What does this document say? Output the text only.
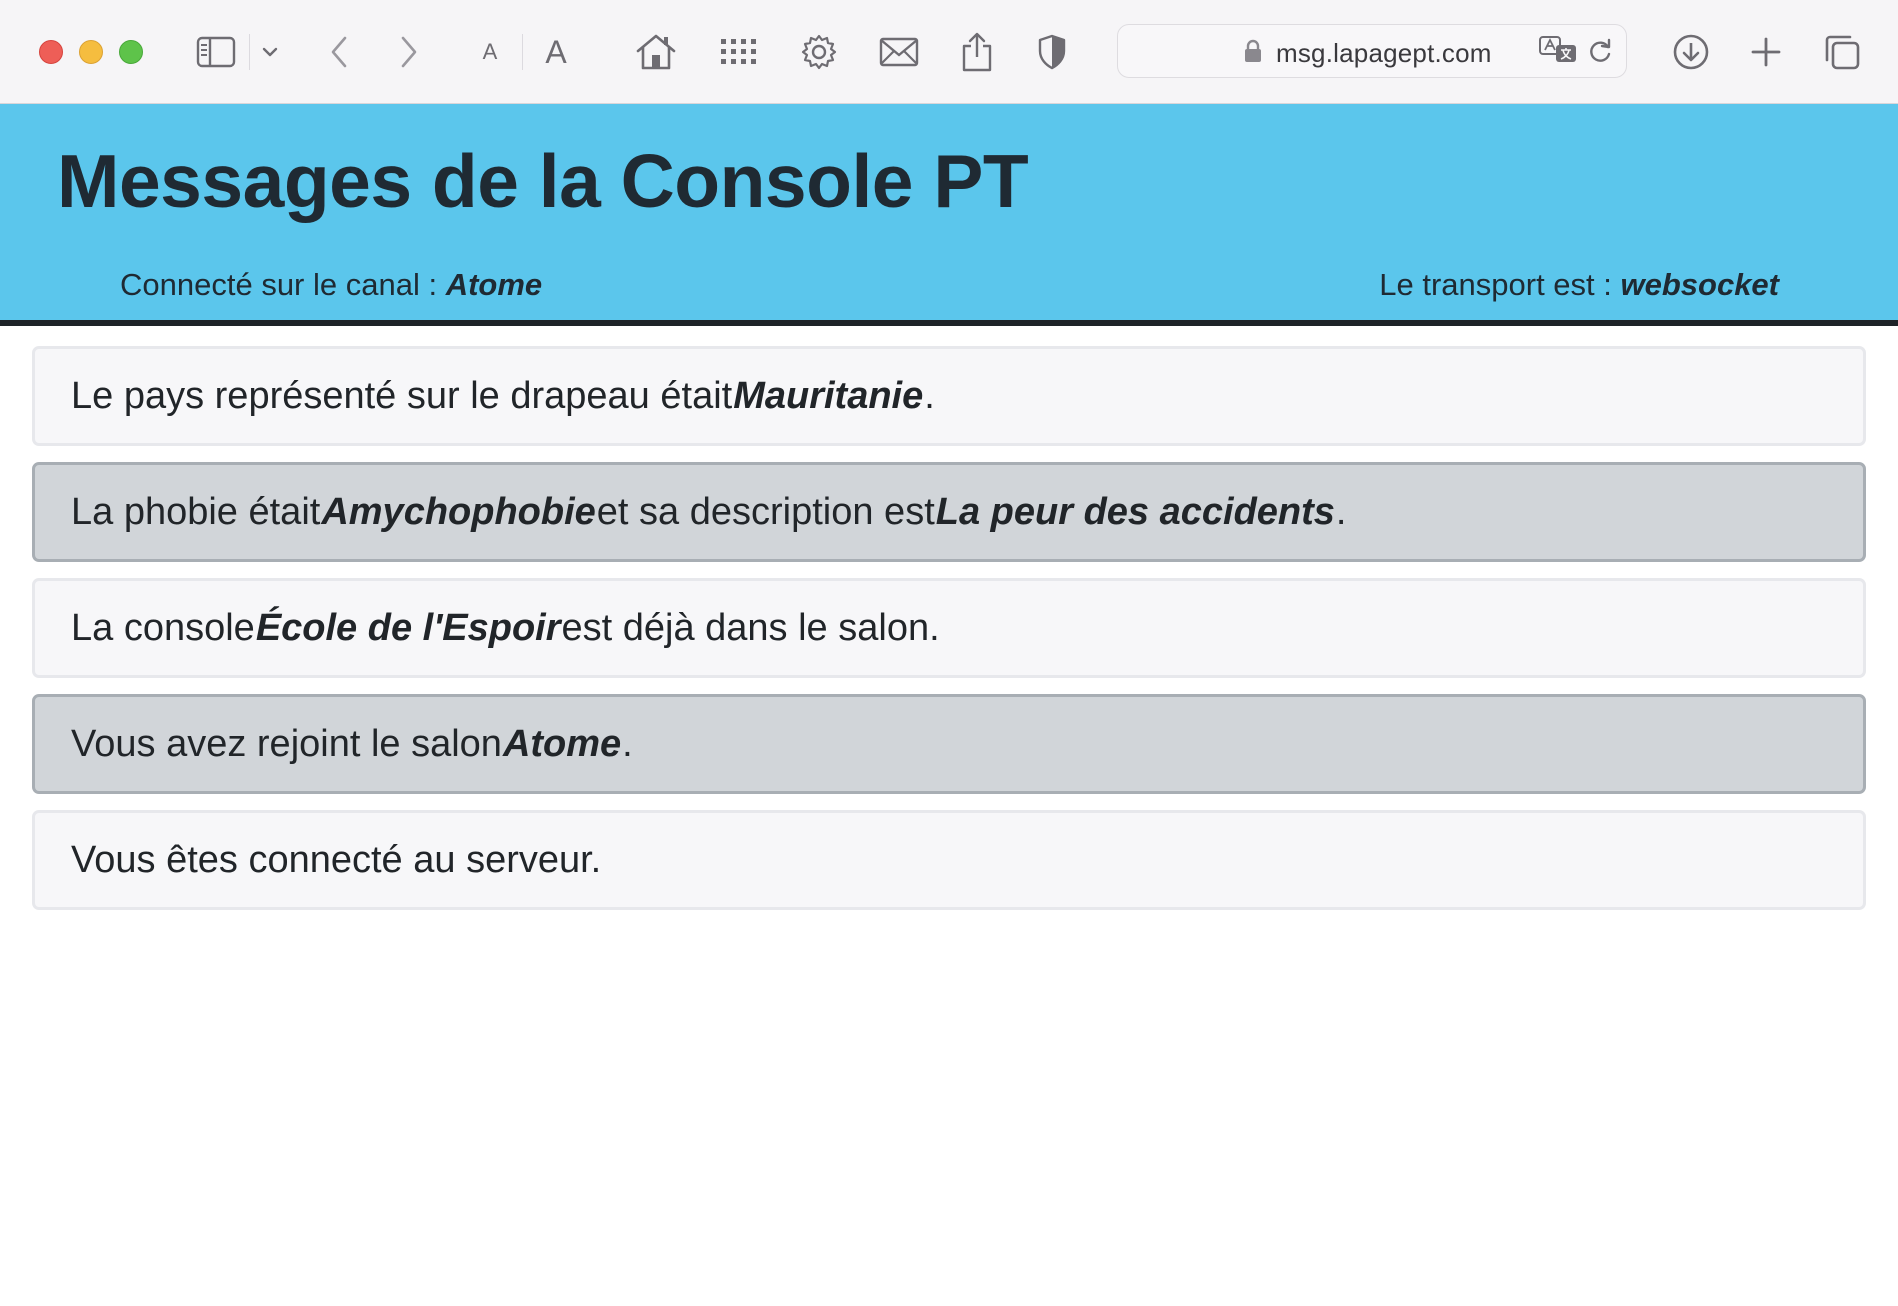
A A	msg.lapagept.com
Messages de la Console PT
Connecté sur le canal : Atome	Le transport est : websocket
Le pays représenté sur le drapeau était Mauritanie .
La phobie était Amychophobie et sa description est La peur des accidents .
La console École de l'Espoir est déjà dans le salon.
Vous avez rejoint le salon Atome .
Vous êtes connecté au serveur.
